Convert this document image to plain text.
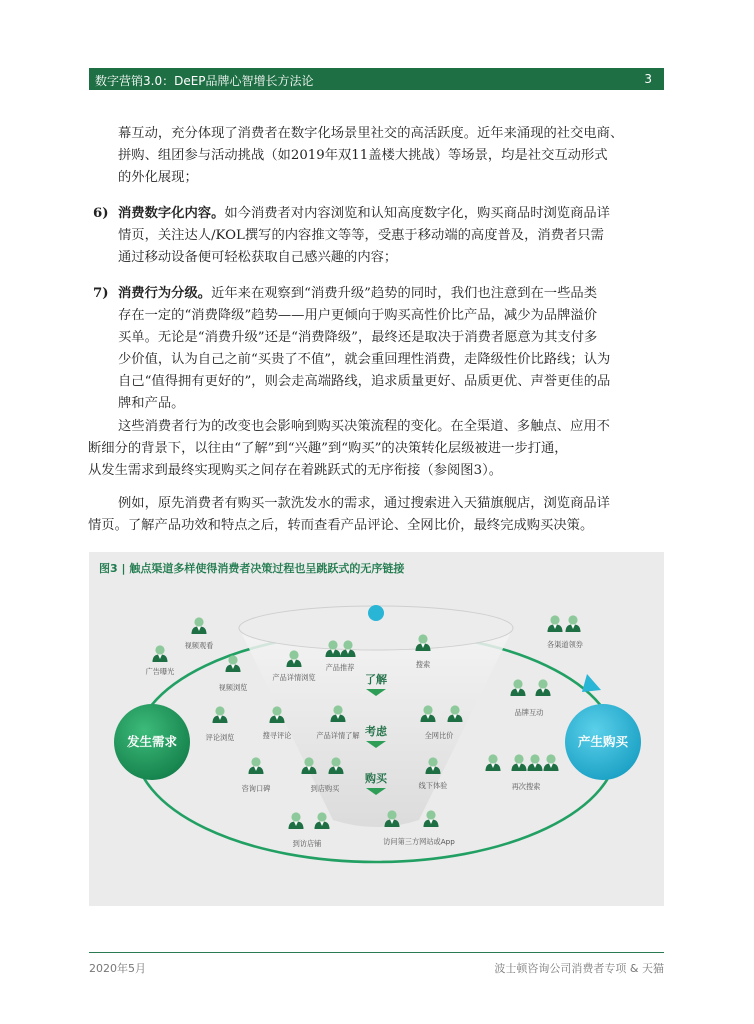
数字营销3.0：DeEP品牌心智增长方法论	3
幕互动，充分体现了消费者在数字化场景里社交的高活跃度。近年来涌现的社交电商、
拼购、组团参与活动挑战（如2019年双11盖楼大挑战）等场景，均是社交互动形式
的外化展现；
6) 消费数字化内容。如今消费者对内容浏览和认知高度数字化，购买商品时浏览商品详
情页，关注达人/KOL撰写的内容推文等等，受惠于移动端的高度普及，消费者只需
通过移动设备便可轻松获取自己感兴趣的内容；
7) 消费行为分级。近年来在观察到“消费升级”趋势的同时，我们也注意到在一些品类
存在一定的“消费降级”趋势——用户更倾向于购买高性价比产品，减少为品牌溢价
买单。无论是“消费升级”还是“消费降级”，最终还是取决于消费者愿意为其支付多
少价值，认为自己之前“买贵了不值”，就会重回理性消费，走降级性价比路线；认为
自己“值得拥有更好的”，则会走高端路线，追求质量更好、品质更优、声誉更佳的品
牌和产品。
这些消费者行为的改变也会影响到购买决策流程的变化。在全渠道、多触点、应用不
断细分的背景下，以往由“了解”到“兴趣”到“购买”的决策转化层级被进一步打通，
从发生需求到最终实现购买之间存在着跳跃式的无序衔接（参阅图3）。
例如，原先消费者有购买一款洗发水的需求，通过搜索进入天猫旗舰店，浏览商品详
情页。了解产品功效和特点之后，转而查看产品评论、全网比价，最终完成购买决策。
了解
考虑
购买
发生需求	产生购买
视频观看
广告曝光
视频浏览
产品详情浏览
产品推荐	搜索
各渠道领券
品牌互动
评论浏览	搜寻评论	产品详情了解	全网比价
咨询口碑	到店购买	线下体验	再次搜索
到访店铺	访问第三方网站或App
图3 | 触点渠道多样使得消费者决策过程也呈跳跃式的无序链接
2020年5月	波士顿咨询公司消费者专项 & 天猫
